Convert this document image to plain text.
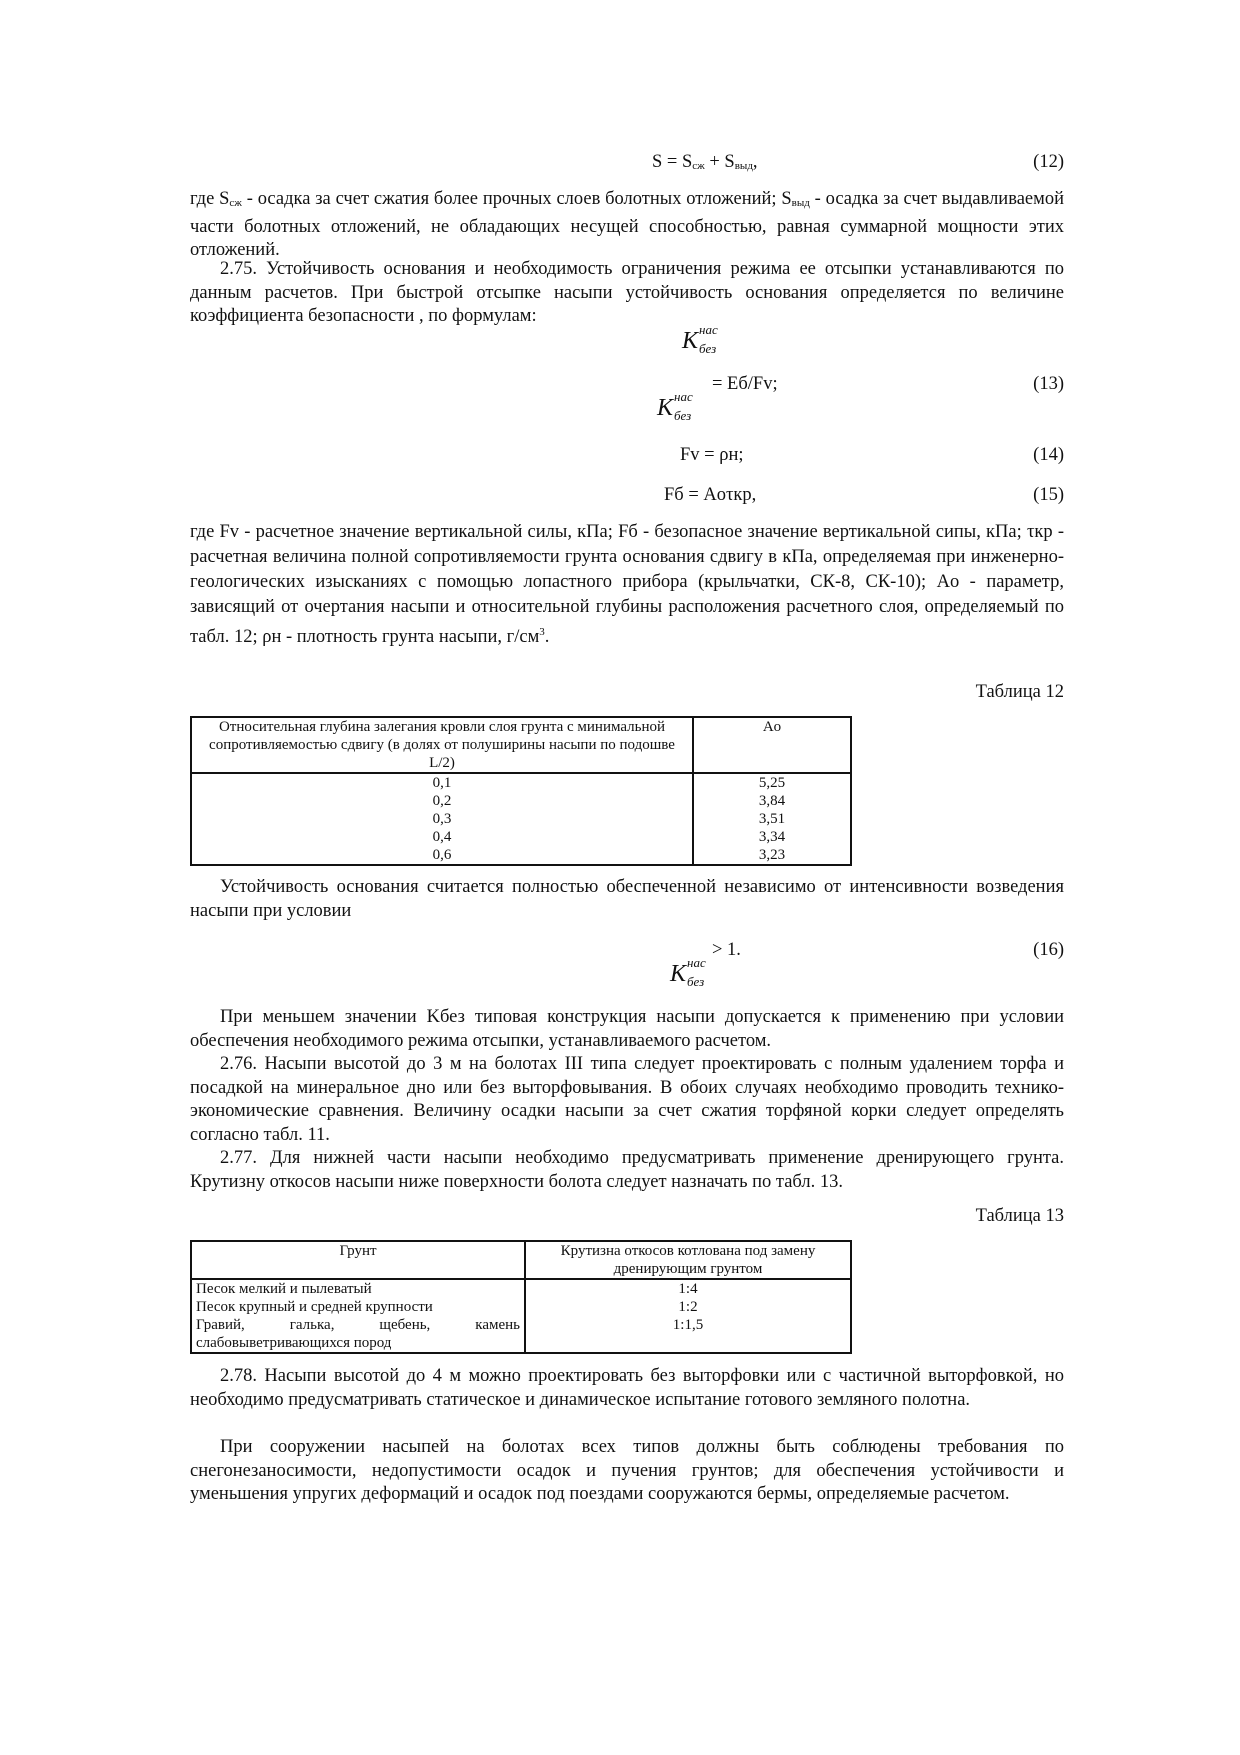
$S = S_{сж} + S_{выд}$,	(12)

где $S_{сж}$ - осадка за счет сжатия более прочных слоев болотных отложений; $S_{выд}$ - осадка за счет выдавливаемой части болотных отложений, не обладающих несущей способностью, равная суммарной мощности этих отложений.

2.75. Устойчивость основания и необходимость ограничения режима ее отсыпки устанавливаются по данным расчетов. При быстрой отсыпке насыпи устойчивость основания определяется по величине коэффициента безопасности , по формулам:

K нас
без
= Eб/Fv;	(13)
K нас
без
Fv = ρн;	(14)
Fб = Aоτкр,	(15)

где Fv - расчетное значение вертикальной силы, кПа; Fб - безопасное значение вертикальной сипы, кПа; τкр - расчетная величина полной сопротивляемости грунта основания сдвигу в кПа, определяемая при инженерно-геологических изысканиях с помощью лопастного прибора (крыльчатки, СК-8, СК-10); Aо - параметр, зависящий от очертания насыпи и относительной глубины расположения расчетного слоя, определяемый по табл. 12; ρн - плотность грунта насыпи, $г/см^3$.

Таблица 12
Относительная глубина залегания кровли слоя грунта с минимальной сопротивляемостью сдвигу (в долях от полуширины насыпи по подошве L/2)	Aо
0,1	5,25
0,2	3,84
0,3	3,51
0,4	3,34
0,6	3,23

Устойчивость основания считается полностью обеспеченной независимо от интенсивности возведения насыпи при условии

> 1.	(16)
K нас
без

При меньшем значении Kбез типовая конструкция насыпи допускается к применению при условии обеспечения необходимого режима отсыпки, устанавливаемого расчетом.

2.76. Насыпи высотой до 3 м на болотах III типа следует проектировать с полным удалением торфа и посадкой на минеральное дно или без выторфовывания. В обоих случаях необходимо проводить технико-экономические сравнения. Величину осадки насыпи за счет сжатия торфяной корки следует определять согласно табл. 11.

2.77. Для нижней части насыпи необходимо предусматривать применение дренирующего грунта. Крутизну откосов насыпи ниже поверхности болота следует назначать по табл. 13.

Таблица 13
Грунт	Крутизна откосов котлована под замену дренирующим грунтом
Песок мелкий и пылеватый	1:4
Песок крупный и средней крупности	1:2
Гравий, галька, щебень, камень слабовыветривающихся пород	1:1,5

2.78. Насыпи высотой до 4 м можно проектировать без выторфовки или с частичной выторфовкой, но необходимо предусматривать статическое и динамическое испытание готового земляного полотна.

При сооружении насыпей на болотах всех типов должны быть соблюдены требования по снегонезаносимости, недопустимости осадок и пучения грунтов; для обеспечения устойчивости и уменьшения упругих деформаций и осадок под поездами сооружаются бермы, определяемые расчетом.
